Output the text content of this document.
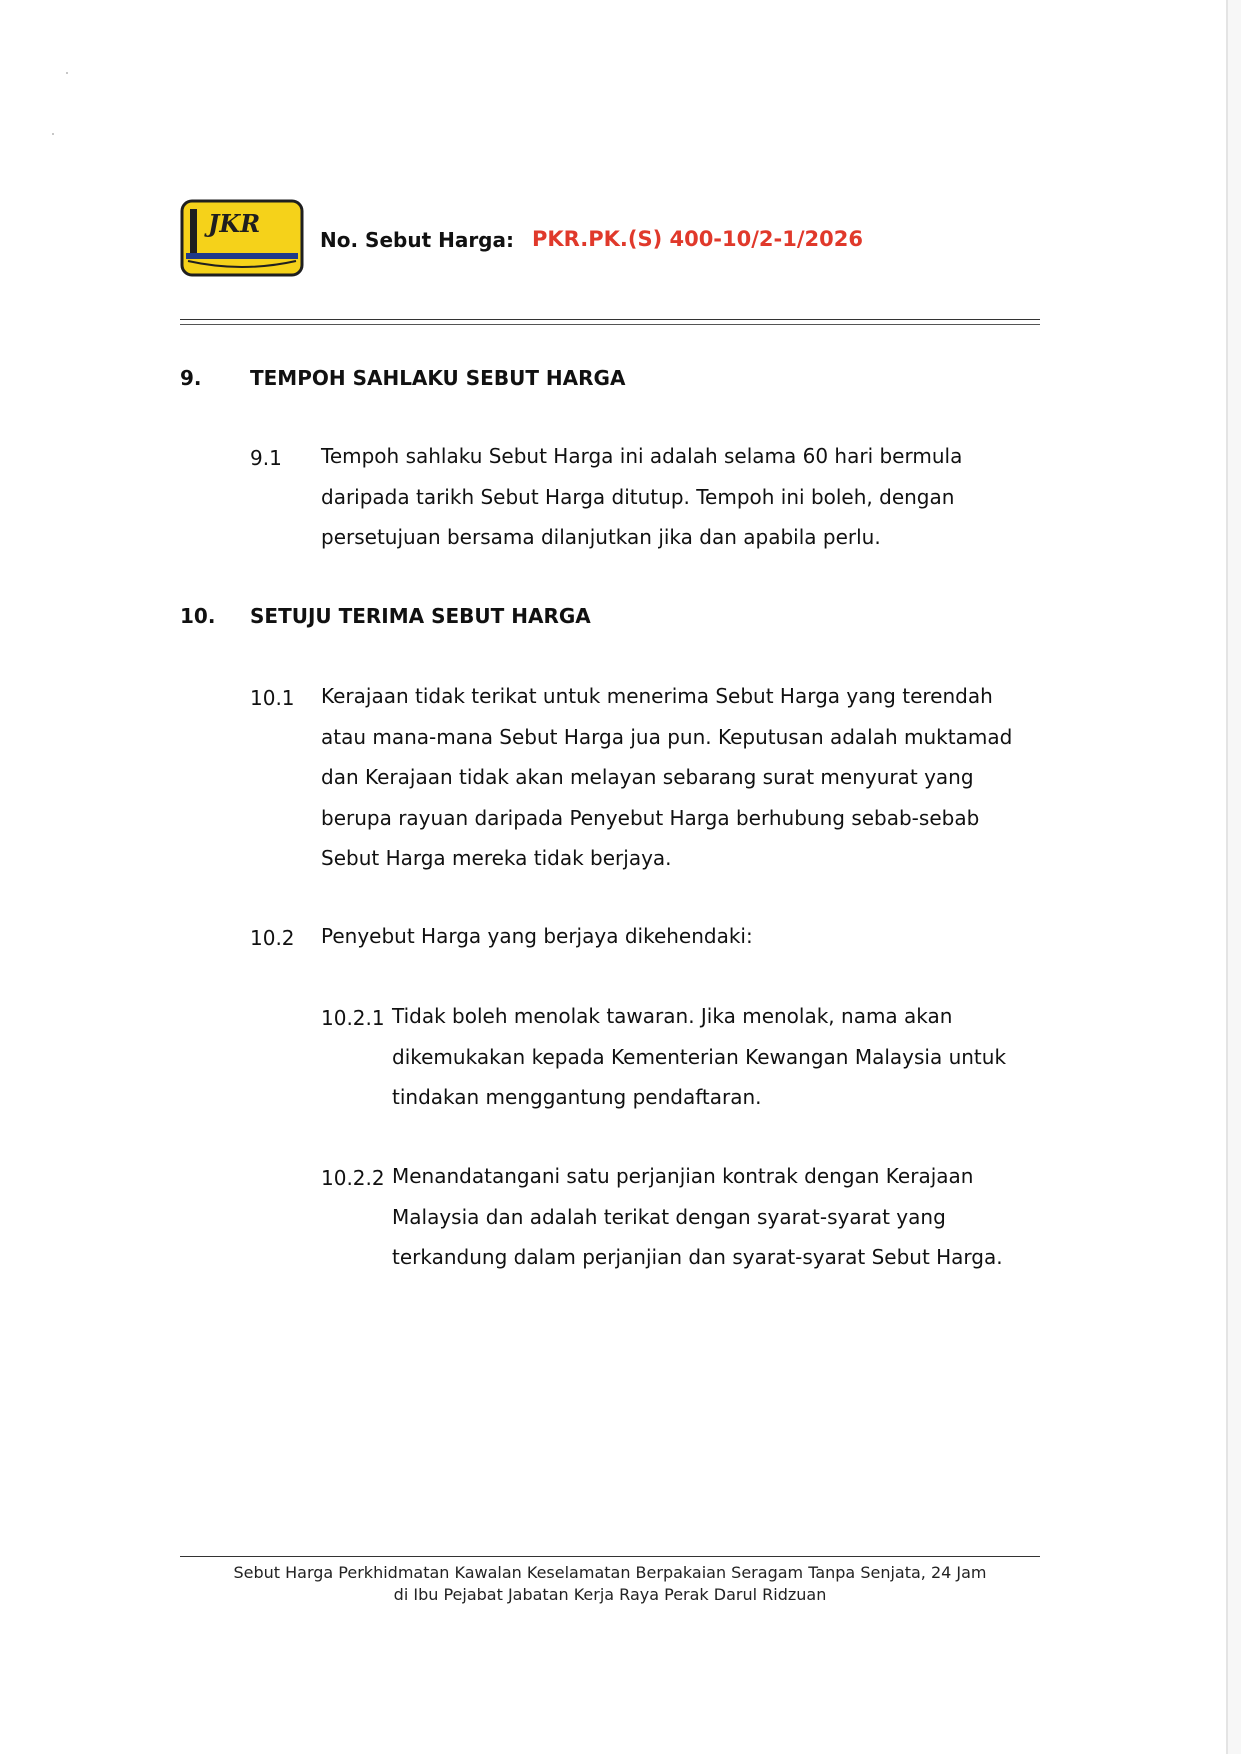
JKR
No. Sebut Harga: PKR.PK.(S) 400-10/2-1/2026
9. TEMPOH SAHLAKU SEBUT HARGA
9.1 Tempoh sahlaku Sebut Harga ini adalah selama 60 hari bermula daripada tarikh Sebut Harga ditutup. Tempoh ini boleh, dengan persetujuan bersama dilanjutkan jika dan apabila perlu.

10. SETUJU TERIMA SEBUT HARGA
10.1 Kerajaan tidak terikat untuk menerima Sebut Harga yang terendah atau mana-mana Sebut Harga jua pun. Keputusan adalah muktamad dan Kerajaan tidak akan melayan sebarang surat menyurat yang berupa rayuan daripada Penyebut Harga berhubung sebab-sebab Sebut Harga mereka tidak berjaya.

10.2 Penyebut Harga yang berjaya dikehendaki:

10.2.1 Tidak boleh menolak tawaran. Jika menolak, nama akan dikemukakan kepada Kementerian Kewangan Malaysia untuk tindakan menggantung pendaftaran.

10.2.2 Menandatangani satu perjanjian kontrak dengan Kerajaan Malaysia dan adalah terikat dengan syarat-syarat yang terkandung dalam perjanjian dan syarat-syarat Sebut Harga.

Sebut Harga Perkhidmatan Kawalan Keselamatan Berpakaian Seragam Tanpa Senjata, 24 Jam
di Ibu Pejabat Jabatan Kerja Raya Perak Darul Ridzuan
